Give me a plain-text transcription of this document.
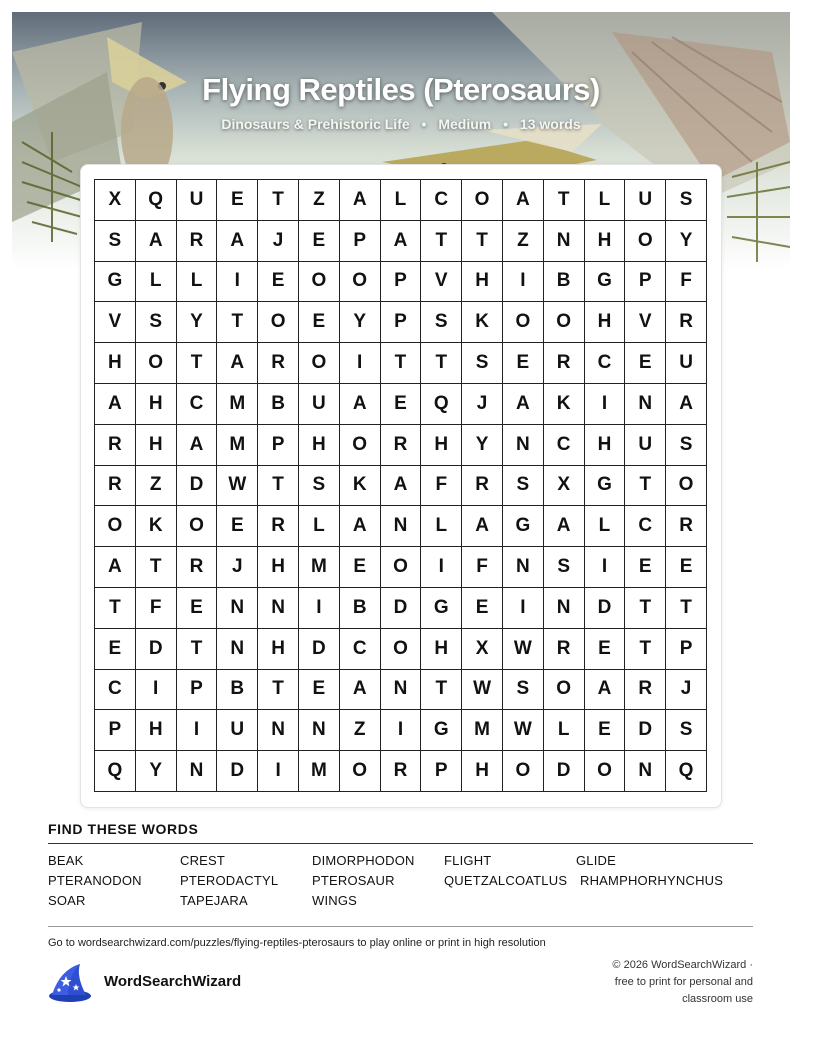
Flying Reptiles (Pterosaurs)
Dinosaurs & Prehistoric Life • Medium • 13 words
X	Q	U	E	T	Z	A	L	C	O	A	T	L	U	S
S	A	R	A	J	E	P	A	T	T	Z	N	H	O	Y
G	L	L	I	E	O	O	P	V	H	I	B	G	P	F
V	S	Y	T	O	E	Y	P	S	K	O	O	H	V	R
H	O	T	A	R	O	I	T	T	S	E	R	C	E	U
A	H	C	M	B	U	A	E	Q	J	A	K	I	N	A
R	H	A	M	P	H	O	R	H	Y	N	C	H	U	S
R	Z	D	W	T	S	K	A	F	R	S	X	G	T	O
O	K	O	E	R	L	A	N	L	A	G	A	L	C	R
A	T	R	J	H	M	E	O	I	F	N	S	I	E	E
T	F	E	N	N	I	B	D	G	E	I	N	D	T	T
E	D	T	N	H	D	C	O	H	X	W	R	E	T	P
C	I	P	B	T	E	A	N	T	W	S	O	A	R	J
P	H	I	U	N	N	Z	I	G	M	W	L	E	D	S
Q	Y	N	D	I	M	O	R	P	H	O	D	O	N	Q
FIND THESE WORDS
BEAK	CREST	DIMORPHODON FLIGHT	GLIDE
PTERANODON	PTERODACTYL	PTEROSAUR	QUETZALCOATLUS RHAMPHORHYNCHUS
SOAR	TAPEJARA	WINGS
Go to wordsearchwizard.com/puzzles/flying-reptiles-pterosaurs to play online or print in high resolution
WordSearchWizard
© 2026 WordSearchWizard ·
free to print for personal and
classroom use
